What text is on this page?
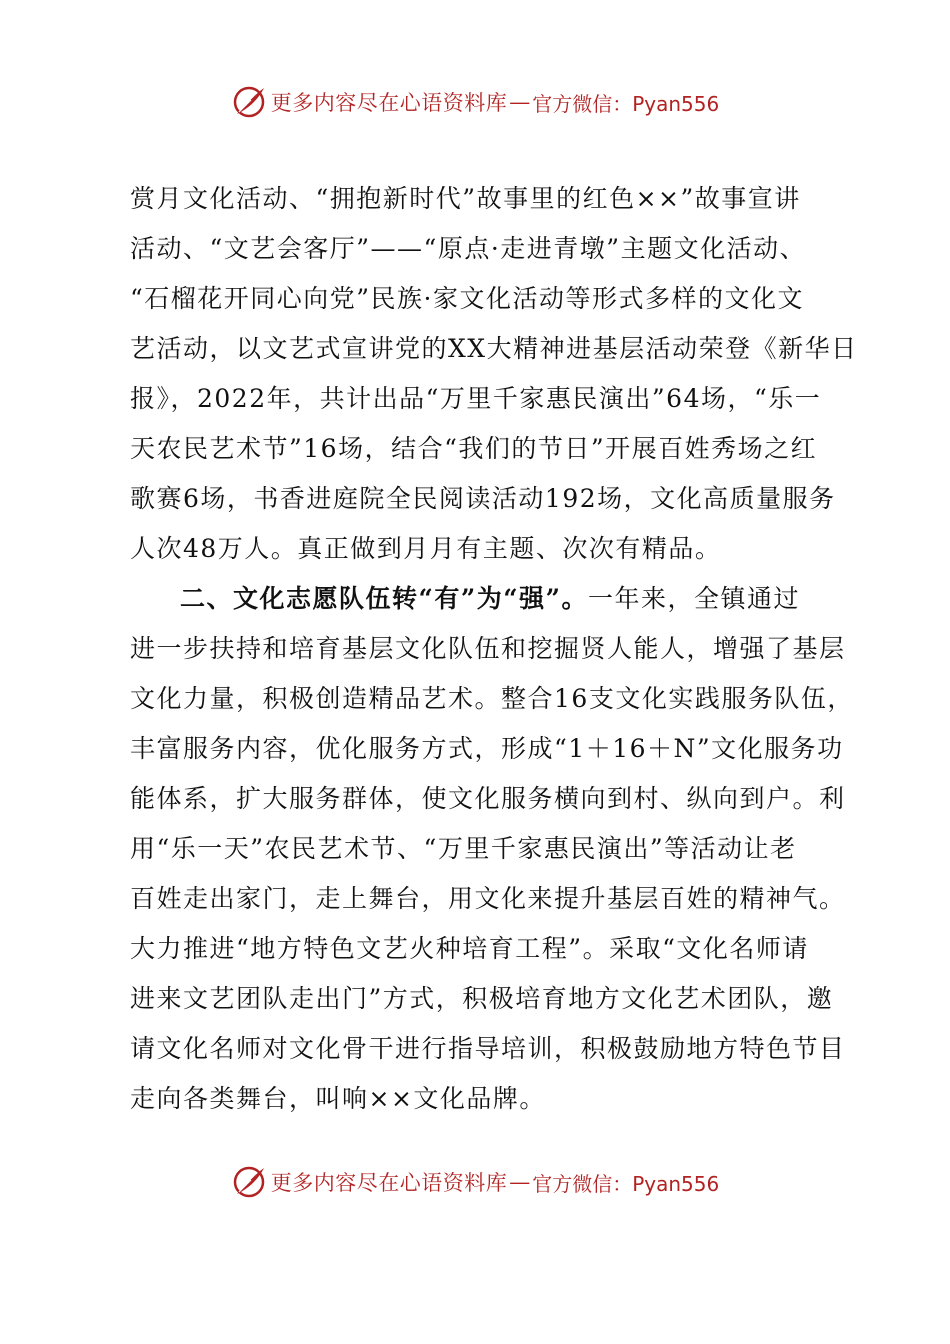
更多内容尽在心语资料库 — 官方微信：Pyan556
赏月文化活动、“拥抱新时代”故事里的红色××”故事宣讲
活动、“文艺会客厅”——“原点·走进青墩”主题文化活动、
“石榴花开同心向党”民族·家文化活动等形式多样的文化文
艺活动，以文艺式宣讲党的XX大精神进基层活动荣登《新华日
报》，2022年，共计出品“万里千家惠民演出”64场，“乐一
天农民艺术节”16场，结合“我们的节日”开展百姓秀场之红
歌赛6场，书香进庭院全民阅读活动192场，文化高质量服务
人次48万人。真正做到月月有主题、次次有精品。
二、文化志愿队伍转“有”为“强”。一年来，全镇通过
进一步扶持和培育基层文化队伍和挖掘贤人能人，增强了基层
文化力量，积极创造精品艺术。整合16支文化实践服务队伍，
丰富服务内容，优化服务方式，形成“1＋16＋N”文化服务功
能体系，扩大服务群体，使文化服务横向到村、纵向到户。利
用“乐一天”农民艺术节、“万里千家惠民演出”等活动让老
百姓走出家门，走上舞台，用文化来提升基层百姓的精神气。
大力推进“地方特色文艺火种培育工程”。采取“文化名师请
进来文艺团队走出门”方式，积极培育地方文化艺术团队，邀
请文化名师对文化骨干进行指导培训，积极鼓励地方特色节目
走向各类舞台，叫响××文化品牌。
更多内容尽在心语资料库 — 官方微信：Pyan556
